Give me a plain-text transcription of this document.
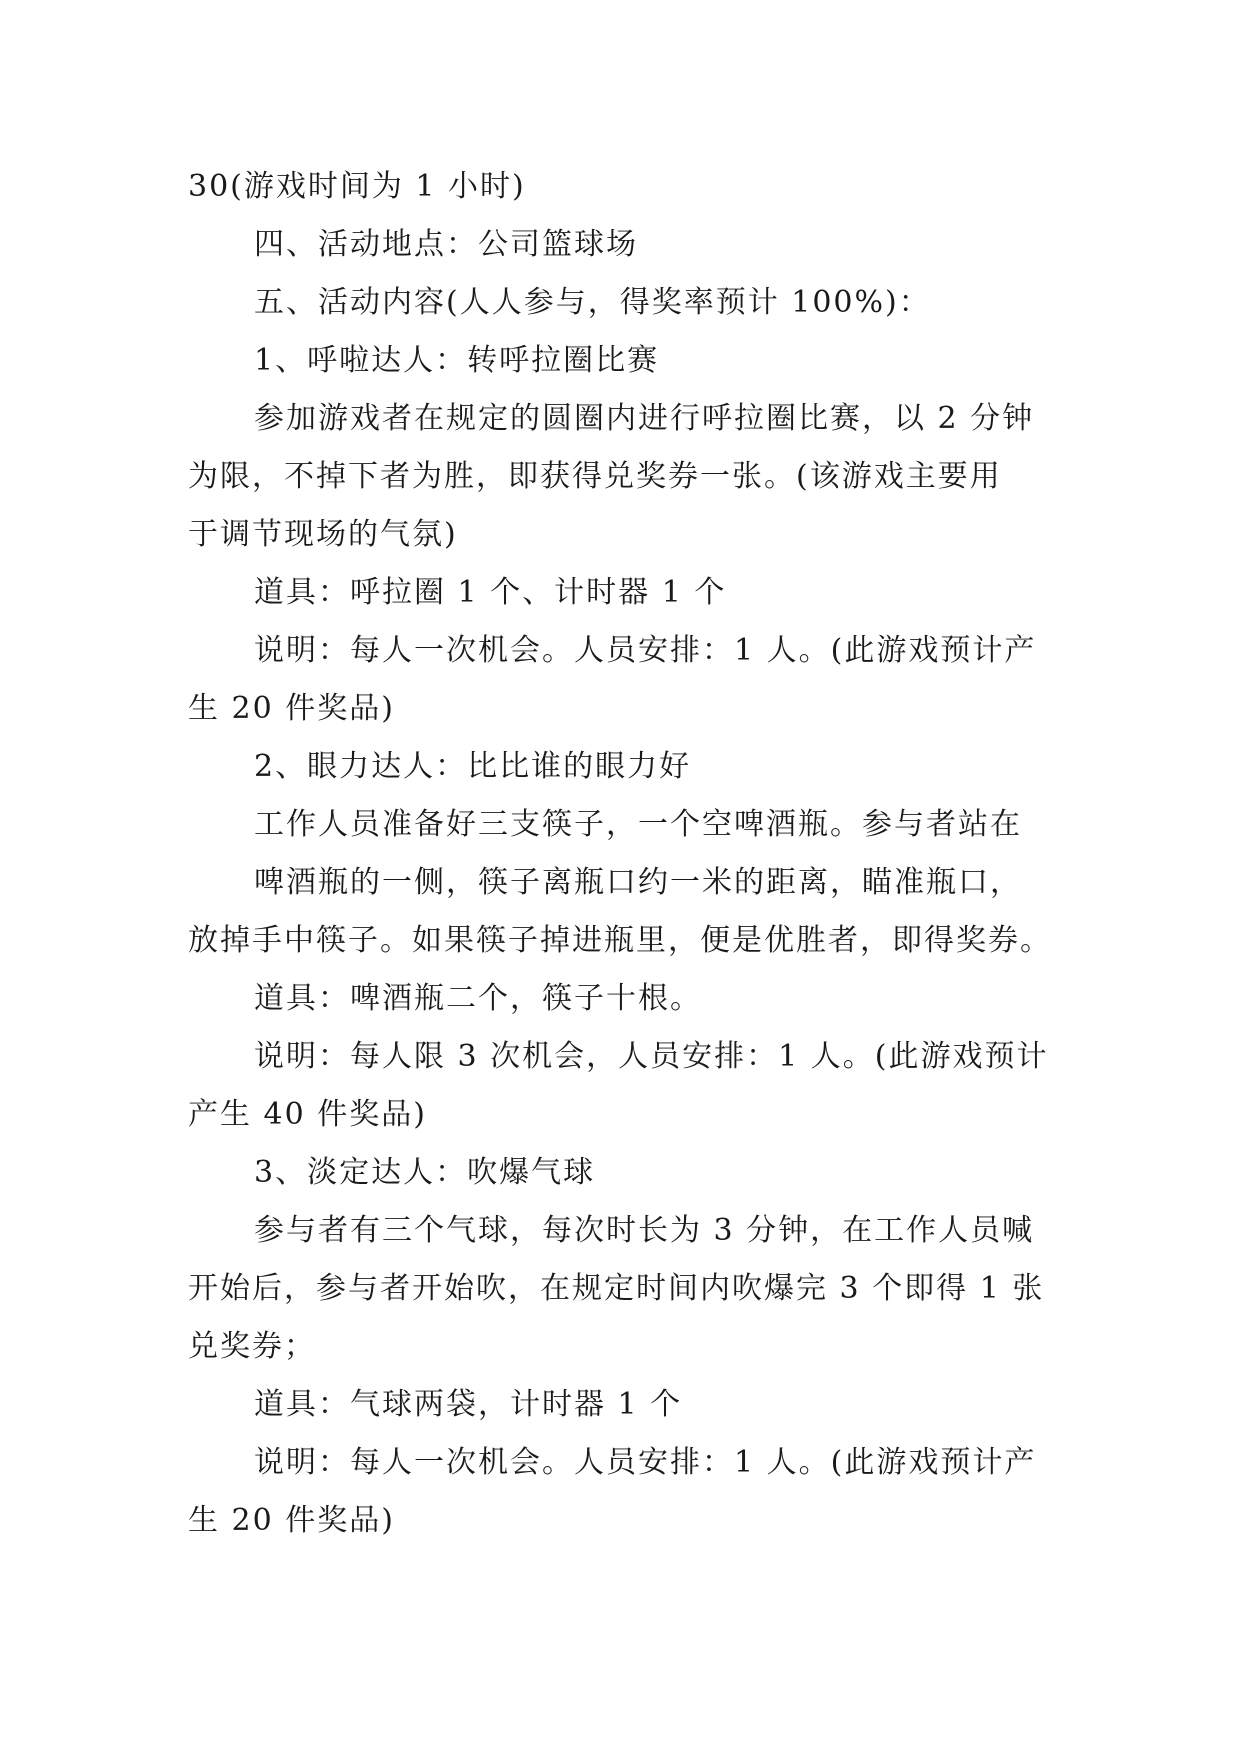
30(游戏时间为 1 小时)
四、活动地点：公司篮球场
五、活动内容(人人参与，得奖率预计 100%)：
1、呼啦达人：转呼拉圈比赛
参加游戏者在规定的圆圈内进行呼拉圈比赛，以 2 分钟
为限，不掉下者为胜，即获得兑奖券一张。(该游戏主要用
于调节现场的气氛)
道具：呼拉圈 1 个、计时器 1 个
说明：每人一次机会。人员安排：1 人。(此游戏预计产
生 20 件奖品)
2、眼力达人：比比谁的眼力好
工作人员准备好三支筷子，一个空啤酒瓶。参与者站在
啤酒瓶的一侧，筷子离瓶口约一米的距离，瞄准瓶口，
放掉手中筷子。如果筷子掉进瓶里，便是优胜者，即得奖券。
道具：啤酒瓶二个，筷子十根。
说明：每人限 3 次机会，人员安排：1 人。(此游戏预计
产生 40 件奖品)
3、淡定达人：吹爆气球
参与者有三个气球，每次时长为 3 分钟，在工作人员喊
开始后，参与者开始吹，在规定时间内吹爆完 3 个即得 1 张
兑奖券；
道具：气球两袋，计时器 1 个
说明：每人一次机会。人员安排：1 人。(此游戏预计产
生 20 件奖品)
